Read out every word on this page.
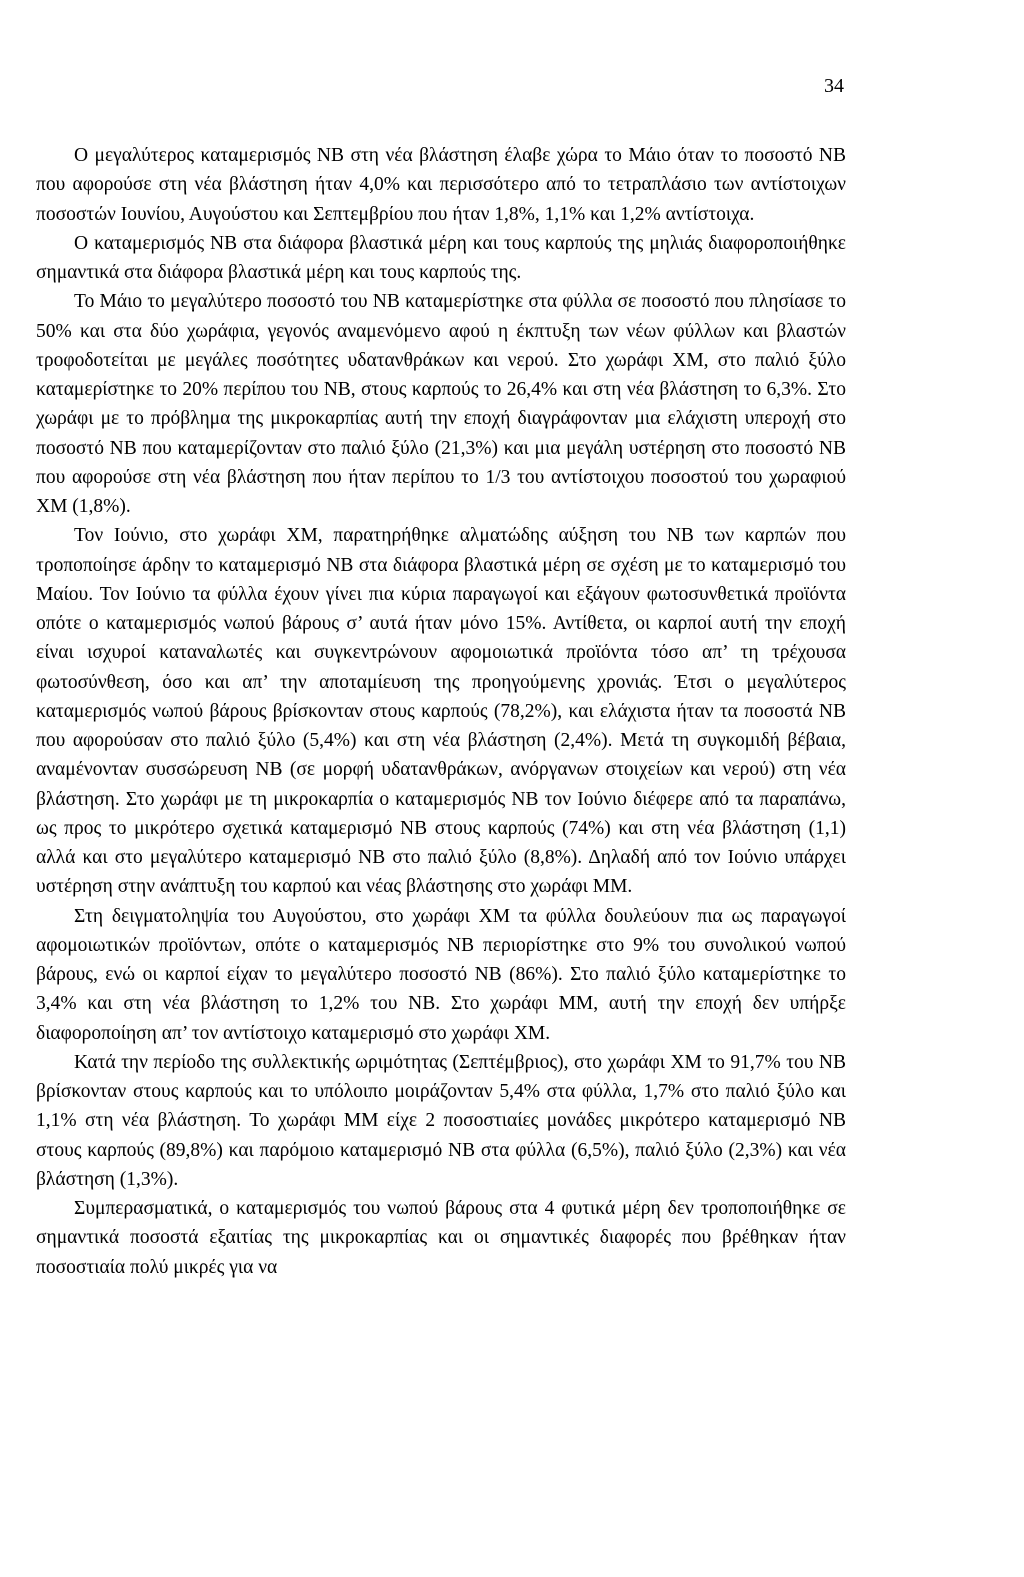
34

Ο μεγαλύτερος καταμερισμός ΝΒ στη νέα βλάστηση έλαβε χώρα το Μάιο όταν το ποσοστό ΝΒ που αφορούσε στη νέα βλάστηση ήταν 4,0% και περισσότερο από το τετραπλάσιο των αντίστοιχων ποσοστών Ιουνίου, Αυγούστου και Σεπτεμβρίου που ήταν 1,8%, 1,1% και 1,2% αντίστοιχα.

Ο καταμερισμός ΝΒ στα διάφορα βλαστικά μέρη και τους καρπούς της μηλιάς διαφοροποιήθηκε σημαντικά στα διάφορα βλαστικά μέρη και τους καρπούς της.

Το Μάιο το μεγαλύτερο ποσοστό του ΝΒ καταμερίστηκε στα φύλλα σε ποσοστό που πλησίασε το 50% και στα δύο χωράφια, γεγονός αναμενόμενο αφού η έκπτυξη των νέων φύλλων και βλαστών τροφοδοτείται με μεγάλες ποσότητες υδατανθράκων και νερού. Στο χωράφι ΧΜ, στο παλιό ξύλο καταμερίστηκε το 20% περίπου του ΝΒ, στους καρπούς το 26,4% και στη νέα βλάστηση το 6,3%. Στο χωράφι με το πρόβλημα της μικροκαρπίας αυτή την εποχή διαγράφονταν μια ελάχιστη υπεροχή στο ποσοστό ΝΒ που καταμερίζονταν στο παλιό ξύλο (21,3%) και μια μεγάλη υστέρηση στο ποσοστό ΝΒ που αφορούσε στη νέα βλάστηση που ήταν περίπου το 1/3 του αντίστοιχου ποσοστού του χωραφιού ΧΜ (1,8%).

Τον Ιούνιο, στο χωράφι ΧΜ, παρατηρήθηκε αλματώδης αύξηση του ΝΒ των καρπών που τροποποίησε άρδην το καταμερισμό ΝΒ στα διάφορα βλαστικά μέρη σε σχέση με το καταμερισμό του Μαίου. Τον Ιούνιο τα φύλλα έχουν γίνει πια κύρια παραγωγοί και εξάγουν φωτοσυνθετικά προϊόντα οπότε ο καταμερισμός νωπού βάρους σ’ αυτά ήταν μόνο 15%. Αντίθετα, οι καρποί αυτή την εποχή είναι ισχυροί καταναλωτές και συγκεντρώνουν αφομοιωτικά προϊόντα τόσο απ’ τη τρέχουσα φωτοσύνθεση, όσο και απ’ την αποταμίευση της προηγούμενης χρονιάς. Έτσι ο μεγαλύτερος καταμερισμός νωπού βάρους βρίσκονταν στους καρπούς (78,2%), και ελάχιστα ήταν τα ποσοστά ΝΒ που αφορούσαν στο παλιό ξύλο (5,4%) και στη νέα βλάστηση (2,4%). Μετά τη συγκομιδή βέβαια, αναμένονταν συσσώρευση ΝΒ (σε μορφή υδατανθράκων, ανόργανων στοιχείων και νερού) στη νέα βλάστηση. Στο χωράφι με τη μικροκαρπία ο καταμερισμός ΝΒ τον Ιούνιο διέφερε από τα παραπάνω, ως προς το μικρότερο σχετικά καταμερισμό ΝΒ στους καρπούς (74%) και στη νέα βλάστηση (1,1) αλλά και στο μεγαλύτερο καταμερισμό ΝΒ στο παλιό ξύλο (8,8%). Δηλαδή από τον Ιούνιο υπάρχει υστέρηση στην ανάπτυξη του καρπού και νέας βλάστησης στο χωράφι ΜΜ.

Στη δειγματοληψία του Αυγούστου, στο χωράφι ΧΜ τα φύλλα δουλεύουν πια ως παραγωγοί αφομοιωτικών προϊόντων, οπότε ο καταμερισμός ΝΒ περιορίστηκε στο 9% του συνολικού νωπού βάρους, ενώ οι καρποί είχαν το μεγαλύτερο ποσοστό ΝΒ (86%). Στο παλιό ξύλο καταμερίστηκε το 3,4% και στη νέα βλάστηση το 1,2% του ΝΒ. Στο χωράφι ΜΜ, αυτή την εποχή δεν υπήρξε διαφοροποίηση απ’ τον αντίστοιχο καταμερισμό στο χωράφι ΧΜ.

Κατά την περίοδο της συλλεκτικής ωριμότητας (Σεπτέμβριος), στο χωράφι ΧΜ το 91,7% του ΝΒ βρίσκονταν στους καρπούς και το υπόλοιπο μοιράζονταν 5,4% στα φύλλα, 1,7% στο παλιό ξύλο και 1,1% στη νέα βλάστηση. Το χωράφι ΜΜ είχε 2 ποσοστιαίες μονάδες μικρότερο καταμερισμό ΝΒ στους καρπούς (89,8%) και παρόμοιο καταμερισμό ΝΒ στα φύλλα (6,5%), παλιό ξύλο (2,3%) και νέα βλάστηση (1,3%).

Συμπερασματικά, ο καταμερισμός του νωπού βάρους στα 4 φυτικά μέρη δεν τροποποιήθηκε σε σημαντικά ποσοστά εξαιτίας της μικροκαρπίας και οι σημαντικές διαφορές που βρέθηκαν ήταν ποσοστιαία πολύ μικρές για να
